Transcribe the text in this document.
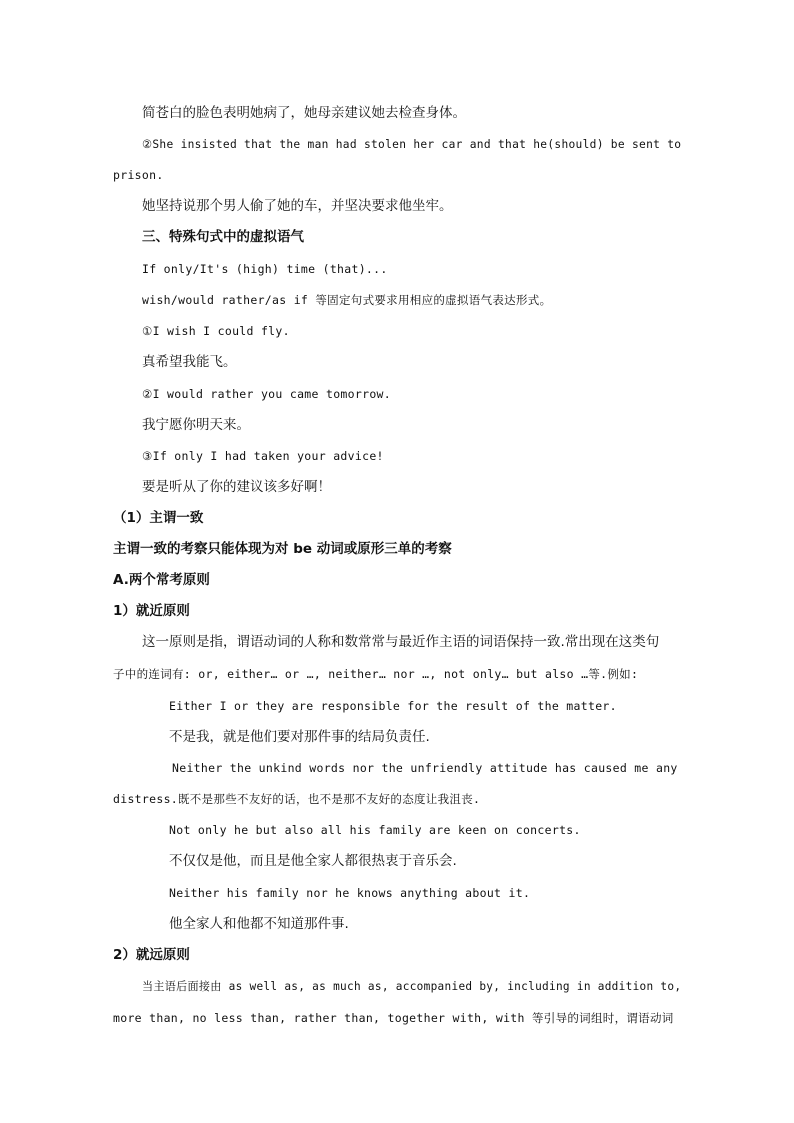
简苍白的脸色表明她病了，她母亲建议她去检查身体。
②She insisted that the man had stolen her car and that he(should) be sent to
prison.
她坚持说那个男人偷了她的车，并坚决要求他坐牢。
三、特殊句式中的虚拟语气
If only/It's (high) time (that)...
wish/would rather/as if 等固定句式要求用相应的虚拟语气表达形式。
①I wish I could fly.
真希望我能飞。
②I would rather you came tomorrow.
我宁愿你明天来。
③If only I had taken your advice!
要是听从了你的建议该多好啊！
（1）主谓一致
主谓一致的考察只能体现为对 be 动词或原形三单的考察
A.两个常考原则
1）就近原则
这一原则是指，谓语动词的人称和数常常与最近作主语的词语保持一致.常出现在这类句
子中的连词有: or, either… or …, neither… nor …, not only… but also …等.例如:
Either I or they are responsible for the result of the matter.
不是我，就是他们要对那件事的结局负责任.
Neither the unkind words nor the unfriendly attitude has caused me any
distress.既不是那些不友好的话，也不是那不友好的态度让我沮丧.
Not only he but also all his family are keen on concerts.
不仅仅是他，而且是他全家人都很热衷于音乐会.
Neither his family nor he knows anything about it.
他全家人和他都不知道那件事.
2）就远原则
当主语后面接由 as well as, as much as, accompanied by, including in addition to,
more than, no less than, rather than, together with, with 等引导的词组时，谓语动词
